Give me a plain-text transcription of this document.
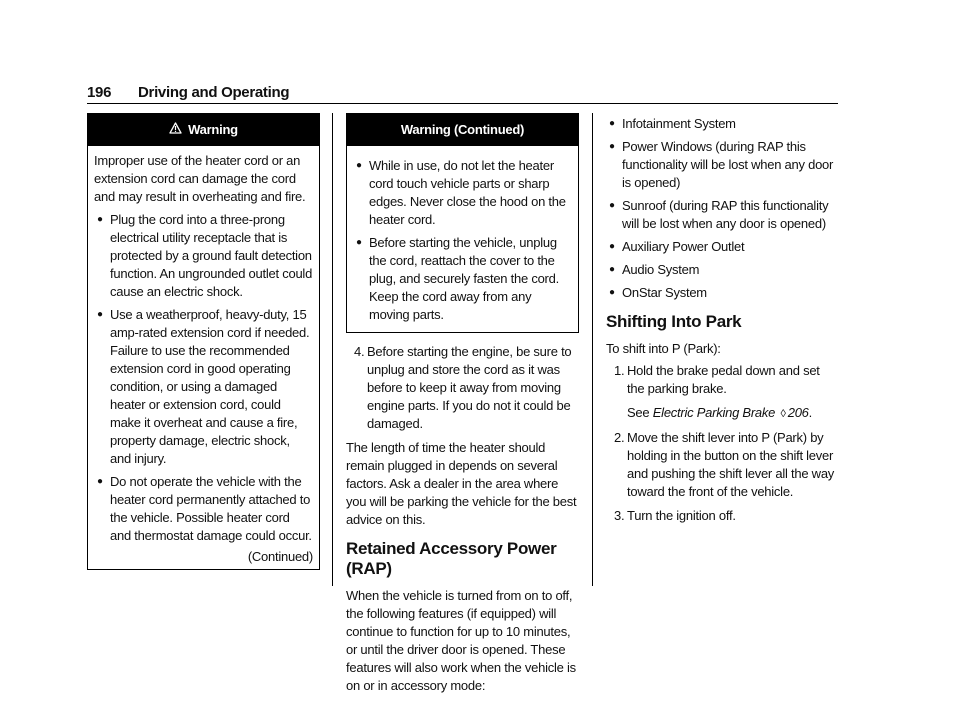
196 Driving and Operating
Warning

Improper use of the heater cord or an extension cord can damage the cord and may result in overheating and fire.

● Plug the cord into a three-prong electrical utility receptacle that is protected by a ground fault detection function. An ungrounded outlet could cause an electric shock.
● Use a weatherproof, heavy-duty, 15 amp-rated extension cord if needed. Failure to use the recommended extension cord in good operating condition, or using a damaged heater or extension cord, could make it overheat and cause a fire, property damage, electric shock, and injury.
● Do not operate the vehicle with the heater cord permanently attached to the vehicle. Possible heater cord and thermostat damage could occur.
(Continued)
Warning (Continued)
● While in use, do not let the heater cord touch vehicle parts or sharp edges. Never close the hood on the heater cord.
● Before starting the vehicle, unplug the cord, reattach the cover to the plug, and securely fasten the cord. Keep the cord away from any moving parts.
4. Before starting the engine, be sure to unplug and store the cord as it was before to keep it away from moving engine parts. If you do not it could be damaged.

The length of time the heater should remain plugged in depends on several factors. Ask a dealer in the area where you will be parking the vehicle for the best advice on this.

Retained Accessory Power (RAP)

When the vehicle is turned from on to off, the following features (if equipped) will continue to function for up to 10 minutes, or until the driver door is opened. These features will also work when the vehicle is on or in accessory mode:

● Infotainment System
● Power Windows (during RAP this functionality will be lost when any door is opened)
● Sunroof (during RAP this functionality will be lost when any door is opened)
● Auxiliary Power Outlet
● Audio System
● OnStar System
Shifting Into Park

To shift into P (Park):

1. Hold the brake pedal down and set the parking brake.
See Electric Parking Brake ◊ 206.
2. Move the shift lever into P (Park) by holding in the button on the shift lever and pushing the shift lever all the way toward the front of the vehicle.
3. Turn the ignition off.
